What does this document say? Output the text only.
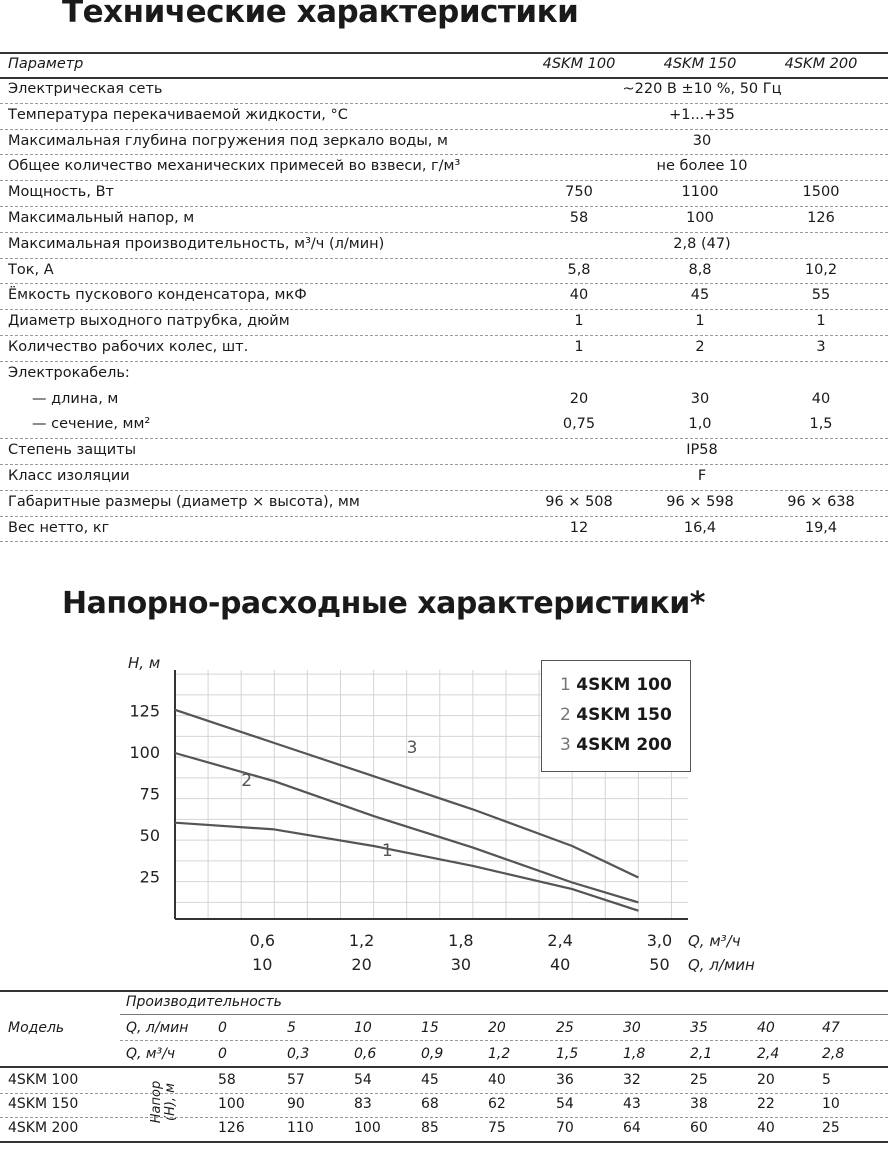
Технические характеристики
Параметр	4SKM 100	4SKM 150	4SKM 200
Электрическая сеть	~220 В ±10 %, 50 Гц
Температура перекачиваемой жидкости, °С	+1...+35
Максимальная глубина погружения под зеркало воды, м	30
Общее количество механических примесей во взвеси, г/м³	не более 10
Мощность, Вт	750	1100	1500
Максимальный напор, м	58	100	126
Максимальная производительность, м³/ч (л/мин)	2,8 (47)
Ток, А	5,8	8,8	10,2
Ёмкость пускового конденсатора, мкФ	40	45	55
Диаметр выходного патрубка, дюйм	1	1	1
Количество рабочих колес, шт.	1	2	3
Электрокабель:
— длина, м	20	30	40
— сечение, мм²	0,75	1,0	1,5
Степень защиты	IP58
Класс изоляции	F
Габаритные размеры (диаметр × высота), мм	96 × 508	96 × 598	96 × 638
Вес нетто, кг	12	16,4	19,4
Напорно-расходные характеристики*
H, м
125
100
75
50
25
0,6	1,2	1,8	2,4	3,0
10	20	30	40	50
Q, м³/ч
Q, л/мин
1
2
3
1 4SKM 100
2 4SKM 150
3 4SKM 200
Производительность
Модель	Q, л/мин 0	5	10	15	20	25	30	35	40	47
Q, м³/ч	0	0,3	0,6	0,9	1,2	1,5	1,8	2,1	2,4	2,8
Напор (Н), м
4SKM 100	58	57	54	45	40	36	32	25	20	5
4SKM 150	100	90	83	68	62	54	43	38	22	10
4SKM 200	126	110	100	85	75	70	64	60	40	25
